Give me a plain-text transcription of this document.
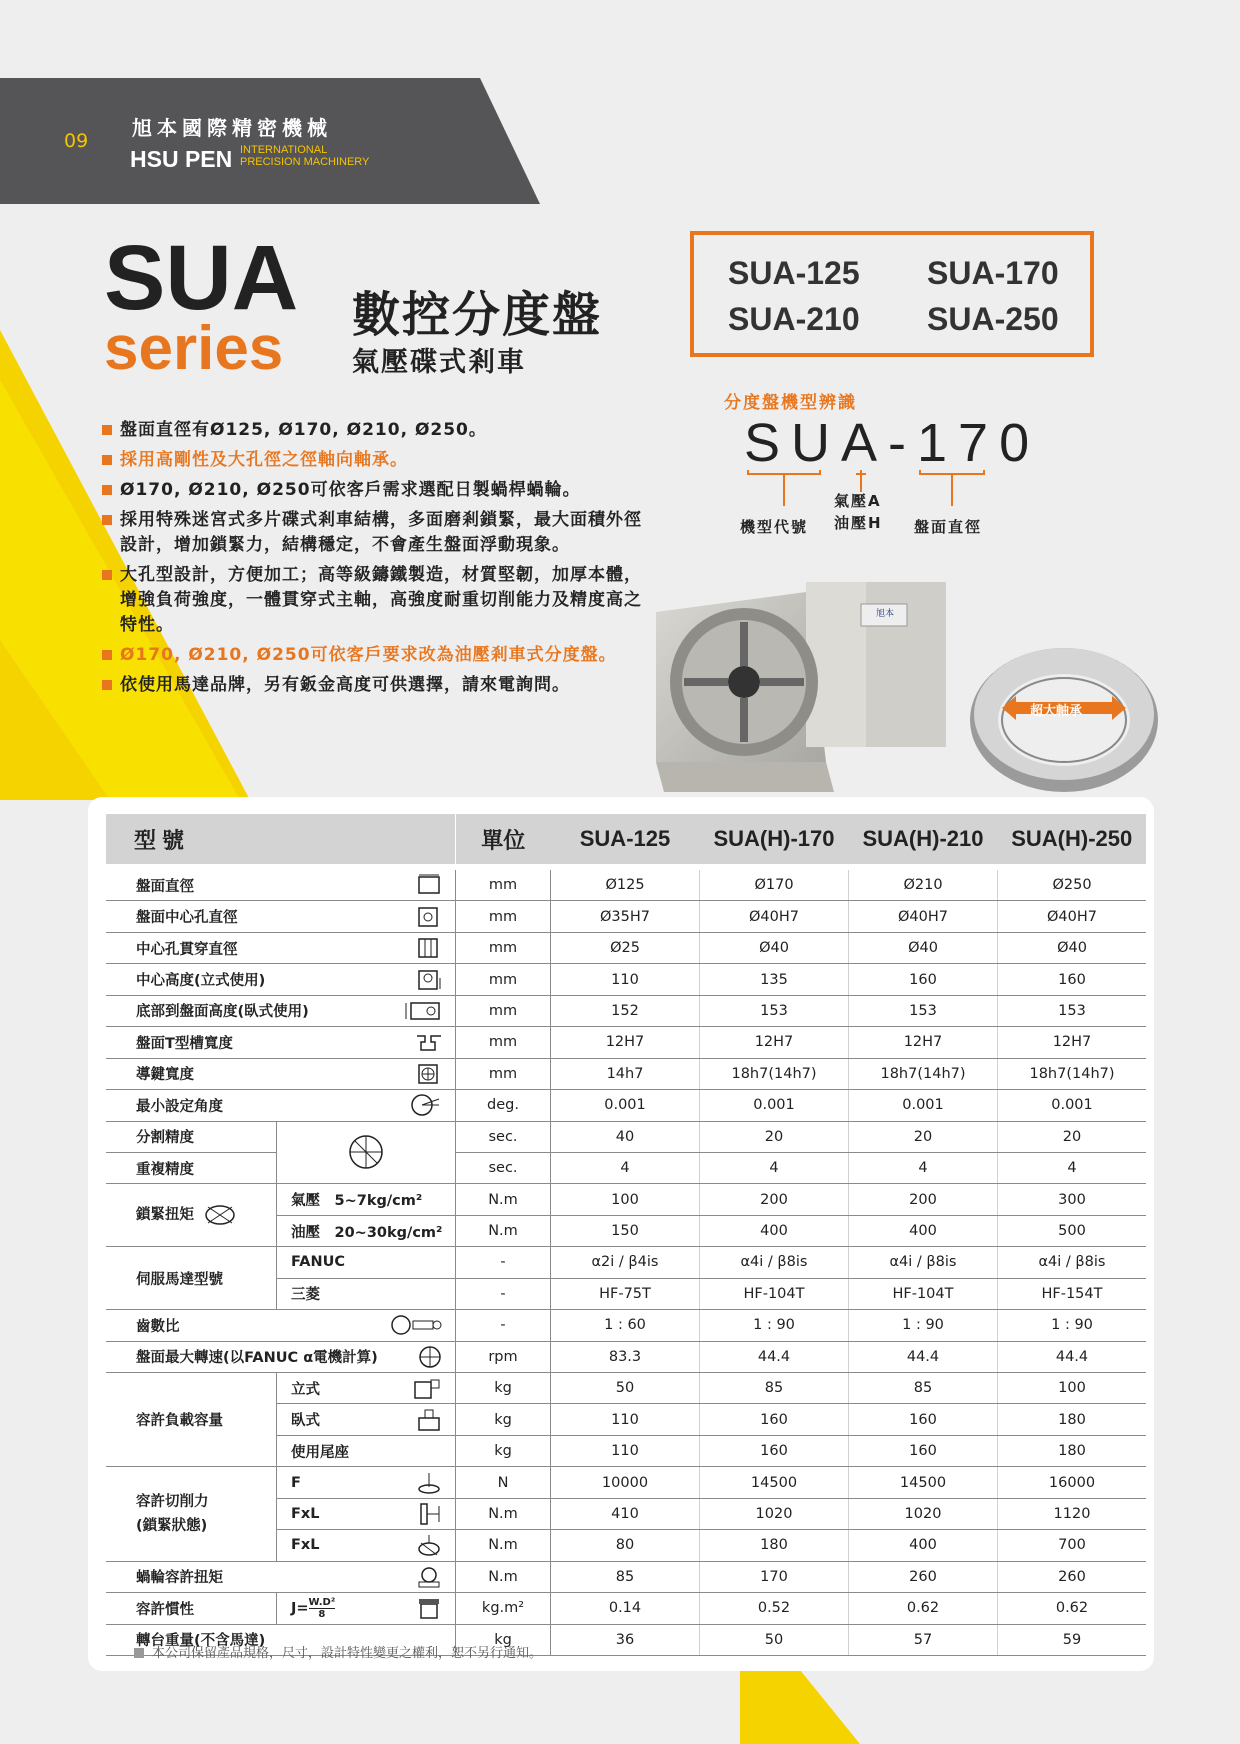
09
旭本國際精密機械
HSU PEN INTERNATIONAL
PRECISION MACHINERY
SUA
series 數控分度盤
氣壓碟式剎車
SUA-125 SUA-170
SUA-210 SUA-250
分度盤機型辨識
SUA-170
機型代號
氣壓A
油壓H 盤面直徑
盤面直徑有Ø125, Ø170, Ø210, Ø250。
採用高剛性及大孔徑之徑軸向軸承。
Ø170, Ø210, Ø250可依客戶需求選配日製蝸桿蝸輪。
採用特殊迷宮式多片碟式剎車結構，多面磨剎鎖緊，最大面積外徑設計，增加鎖緊力，結構穩定，不會產生盤面浮動現象。
大孔型設計，方便加工；高等級鑄鐵製造，材質堅韌，加厚本體，增強負荷強度，一體貫穿式主軸，高強度耐重切削能力及精度高之特性。
Ø170, Ø210, Ø250可依客戶要求改為油壓剎車式分度盤。
依使用馬達品牌，另有鈑金高度可供選擇，請來電詢問。
旭本
超大軸承
型號			單位	SUA-125	SUA(H)-170	SUA(H)-210	SUA(H)-250

盤面直徑			mm	Ø125	Ø170	Ø210	Ø250
盤面中心孔直徑			mm	Ø35H7	Ø40H7	Ø40H7	Ø40H7
中心孔貫穿直徑			mm	Ø25	Ø40	Ø40	Ø40
中心高度(立式使用)			mm	110	135	160	160
底部到盤面高度(臥式使用)			mm	152	153	153	153
盤面T型槽寬度			mm	12H7	12H7	12H7	12H7
導鍵寬度			mm	14h7	18h7(14h7)	18h7(14h7)	18h7(14h7)
最小設定角度			deg.	0.001	0.001	0.001	0.001
分割精度			sec.	40	20	20	20
重複精度			sec.	4	4	4	4
鎖緊扭矩	氣壓　5~7kg/cm²		N.m	100	200	200	300
	油壓　20~30kg/cm²		N.m	150	400	400	500
伺服馬達型號	FANUC		-	α2i / β4is	α4i / β8is	α4i / β8is	α4i / β8is
	三菱		-	HF-75T	HF-104T	HF-104T	HF-154T
齒數比			-	1 : 60	1 : 90	1 : 90	1 : 90
盤面最大轉速(以FANUC α電機計算)			rpm	83.3	44.4	44.4	44.4
容許負載容量	立式		kg	50	85	85	100
	臥式		kg	110	160	160	180
	使用尾座		kg	110	160	160	180

容許切削力
(鎖緊狀態)	F		N	10000	14500	14500	16000
	FxL		N.m	410	1020	1020	1120
	FxL		N.m	80	180	400	700
蝸輪容許扭矩			N.m	85	170	260	260
容許慣性	$J= \frac{\text{W.D²}}{8}$		kg.m²	0.14	0.52	0.62	0.62
轉台重量(不含馬達)			kg	36	50	57	59
本公司保留產品規格，尺寸，設計特性變更之權利，恕不另行通知。
